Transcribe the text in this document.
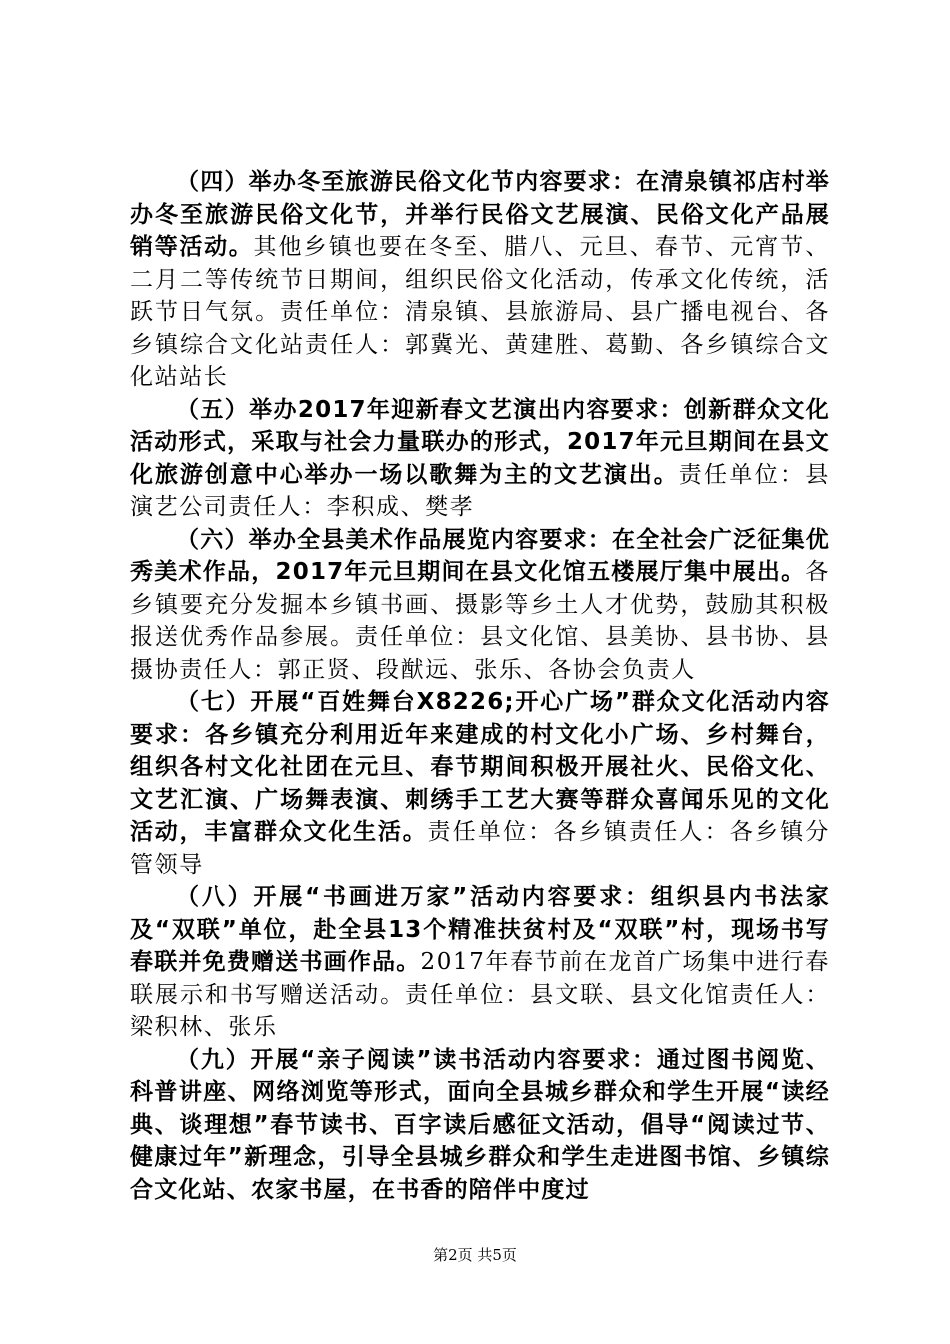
（四）举办冬至旅游民俗文化节内容要求：在清泉镇祁店村举办冬至旅游民俗文化节，并举行民俗文艺展演、民俗文化产品展销等活动。其他乡镇也要在冬至、腊八、元旦、春节、元宵节、二月二等传统节日期间，组织民俗文化活动，传承文化传统，活跃节日气氛。责任单位：清泉镇、县旅游局、县广播电视台、各乡镇综合文化站责任人：郭冀光、黄建胜、葛勤、各乡镇综合文化站站长

（五）举办2017年迎新春文艺演出内容要求：创新群众文化活动形式，采取与社会力量联办的形式，2017年元旦期间在县文化旅游创意中心举办一场以歌舞为主的文艺演出。责任单位：县演艺公司责任人：李积成、樊孝

（六）举办全县美术作品展览内容要求：在全社会广泛征集优秀美术作品，2017年元旦期间在县文化馆五楼展厅集中展出。各乡镇要充分发掘本乡镇书画、摄影等乡土人才优势，鼓励其积极报送优秀作品参展。责任单位：县文化馆、县美协、县书协、县摄协责任人：郭正贤、段猷远、张乐、各协会负责人

（七）开展“百姓舞台X8226;开心广场”群众文化活动内容要求：各乡镇充分利用近年来建成的村文化小广场、乡村舞台，组织各村文化社团在元旦、春节期间积极开展社火、民俗文化、文艺汇演、广场舞表演、刺绣手工艺大赛等群众喜闻乐见的文化活动，丰富群众文化生活。责任单位：各乡镇责任人：各乡镇分管领导

（八）开展“书画进万家”活动内容要求：组织县内书法家及“双联”单位，赴全县13个精准扶贫村及“双联”村，现场书写春联并免费赠送书画作品。2017年春节前在龙首广场集中进行春联展示和书写赠送活动。责任单位：县文联、县文化馆责任人：梁积林、张乐

（九）开展“亲子阅读”读书活动内容要求：通过图书阅览、科普讲座、网络浏览等形式，面向全县城乡群众和学生开展“读经典、谈理想”春节读书、百字读后感征文活动，倡导“阅读过节、健康过年”新理念，引导全县城乡群众和学生走进图书馆、乡镇综合文化站、农家书屋，在书香的陪伴中度过

第2页 共5页
